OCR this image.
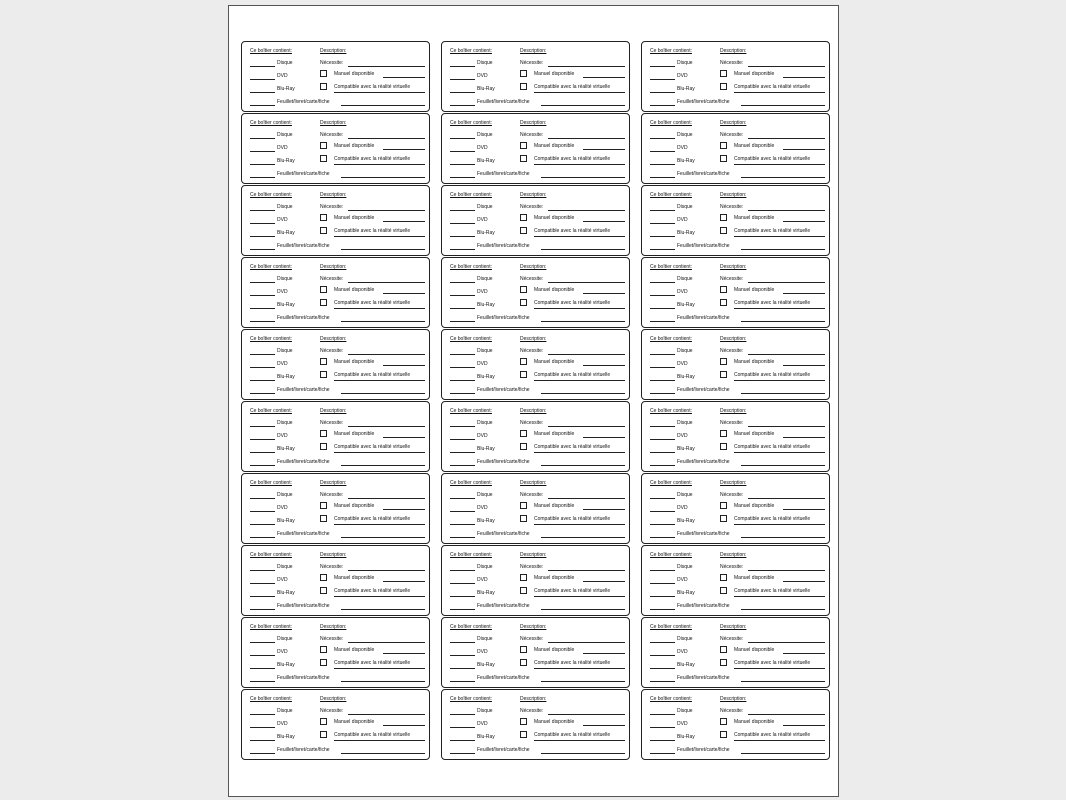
Ce boîtier contient:	Description:
Disque	Nécessite:
DVD	Manuel disponible
Blu-Ray	Compatible avec la réalité virtuelle
Feuillet/livret/carte/fiche
Ce boîtier contient:	Description:
Disque	Nécessite:
DVD	Manuel disponible
Blu-Ray	Compatible avec la réalité virtuelle
Feuillet/livret/carte/fiche
Ce boîtier contient:	Description:
Disque	Nécessite:
DVD	Manuel disponible
Blu-Ray	Compatible avec la réalité virtuelle
Feuillet/livret/carte/fiche
Ce boîtier contient:	Description:
Disque	Nécessite:
DVD	Manuel disponible
Blu-Ray	Compatible avec la réalité virtuelle
Feuillet/livret/carte/fiche
Ce boîtier contient:	Description:
Disque	Nécessite:
DVD	Manuel disponible
Blu-Ray	Compatible avec la réalité virtuelle
Feuillet/livret/carte/fiche
Ce boîtier contient:	Description:
Disque	Nécessite:
DVD	Manuel disponible
Blu-Ray	Compatible avec la réalité virtuelle
Feuillet/livret/carte/fiche
Ce boîtier contient:	Description:
Disque	Nécessite:
DVD	Manuel disponible
Blu-Ray	Compatible avec la réalité virtuelle
Feuillet/livret/carte/fiche
Ce boîtier contient:	Description:
Disque	Nécessite:
DVD	Manuel disponible
Blu-Ray	Compatible avec la réalité virtuelle
Feuillet/livret/carte/fiche
Ce boîtier contient:	Description:
Disque	Nécessite:
DVD	Manuel disponible
Blu-Ray	Compatible avec la réalité virtuelle
Feuillet/livret/carte/fiche
Ce boîtier contient:	Description:
Disque	Nécessite:
DVD	Manuel disponible
Blu-Ray	Compatible avec la réalité virtuelle
Feuillet/livret/carte/fiche
Ce boîtier contient:	Description:
Disque	Nécessite:
DVD	Manuel disponible
Blu-Ray	Compatible avec la réalité virtuelle
Feuillet/livret/carte/fiche
Ce boîtier contient:	Description:
Disque	Nécessite:
DVD	Manuel disponible
Blu-Ray	Compatible avec la réalité virtuelle
Feuillet/livret/carte/fiche
Ce boîtier contient:	Description:
Disque	Nécessite:
DVD	Manuel disponible
Blu-Ray	Compatible avec la réalité virtuelle
Feuillet/livret/carte/fiche
Ce boîtier contient:	Description:
Disque	Nécessite:
DVD	Manuel disponible
Blu-Ray	Compatible avec la réalité virtuelle
Feuillet/livret/carte/fiche
Ce boîtier contient:	Description:
Disque	Nécessite:
DVD	Manuel disponible
Blu-Ray	Compatible avec la réalité virtuelle
Feuillet/livret/carte/fiche
Ce boîtier contient:	Description:
Disque	Nécessite:
DVD	Manuel disponible
Blu-Ray	Compatible avec la réalité virtuelle
Feuillet/livret/carte/fiche
Ce boîtier contient:	Description:
Disque	Nécessite:
DVD	Manuel disponible
Blu-Ray	Compatible avec la réalité virtuelle
Feuillet/livret/carte/fiche
Ce boîtier contient:	Description:
Disque	Nécessite:
DVD	Manuel disponible
Blu-Ray	Compatible avec la réalité virtuelle
Feuillet/livret/carte/fiche
Ce boîtier contient:	Description:
Disque	Nécessite:
DVD	Manuel disponible
Blu-Ray	Compatible avec la réalité virtuelle
Feuillet/livret/carte/fiche
Ce boîtier contient:	Description:
Disque	Nécessite:
DVD	Manuel disponible
Blu-Ray	Compatible avec la réalité virtuelle
Feuillet/livret/carte/fiche
Ce boîtier contient:	Description:
Disque	Nécessite:
DVD	Manuel disponible
Blu-Ray	Compatible avec la réalité virtuelle
Feuillet/livret/carte/fiche
Ce boîtier contient:	Description:
Disque	Nécessite:
DVD	Manuel disponible
Blu-Ray	Compatible avec la réalité virtuelle
Feuillet/livret/carte/fiche
Ce boîtier contient:	Description:
Disque	Nécessite:
DVD	Manuel disponible
Blu-Ray	Compatible avec la réalité virtuelle
Feuillet/livret/carte/fiche
Ce boîtier contient:	Description:
Disque	Nécessite:
DVD	Manuel disponible
Blu-Ray	Compatible avec la réalité virtuelle
Feuillet/livret/carte/fiche
Ce boîtier contient:	Description:
Disque	Nécessite:
DVD	Manuel disponible
Blu-Ray	Compatible avec la réalité virtuelle
Feuillet/livret/carte/fiche
Ce boîtier contient:	Description:
Disque	Nécessite:
DVD	Manuel disponible
Blu-Ray	Compatible avec la réalité virtuelle
Feuillet/livret/carte/fiche
Ce boîtier contient:	Description:
Disque	Nécessite:
DVD	Manuel disponible
Blu-Ray	Compatible avec la réalité virtuelle
Feuillet/livret/carte/fiche
Ce boîtier contient:	Description:
Disque	Nécessite:
DVD	Manuel disponible
Blu-Ray	Compatible avec la réalité virtuelle
Feuillet/livret/carte/fiche
Ce boîtier contient:	Description:
Disque	Nécessite:
DVD	Manuel disponible
Blu-Ray	Compatible avec la réalité virtuelle
Feuillet/livret/carte/fiche
Ce boîtier contient:	Description:
Disque	Nécessite:
DVD	Manuel disponible
Blu-Ray	Compatible avec la réalité virtuelle
Feuillet/livret/carte/fiche
